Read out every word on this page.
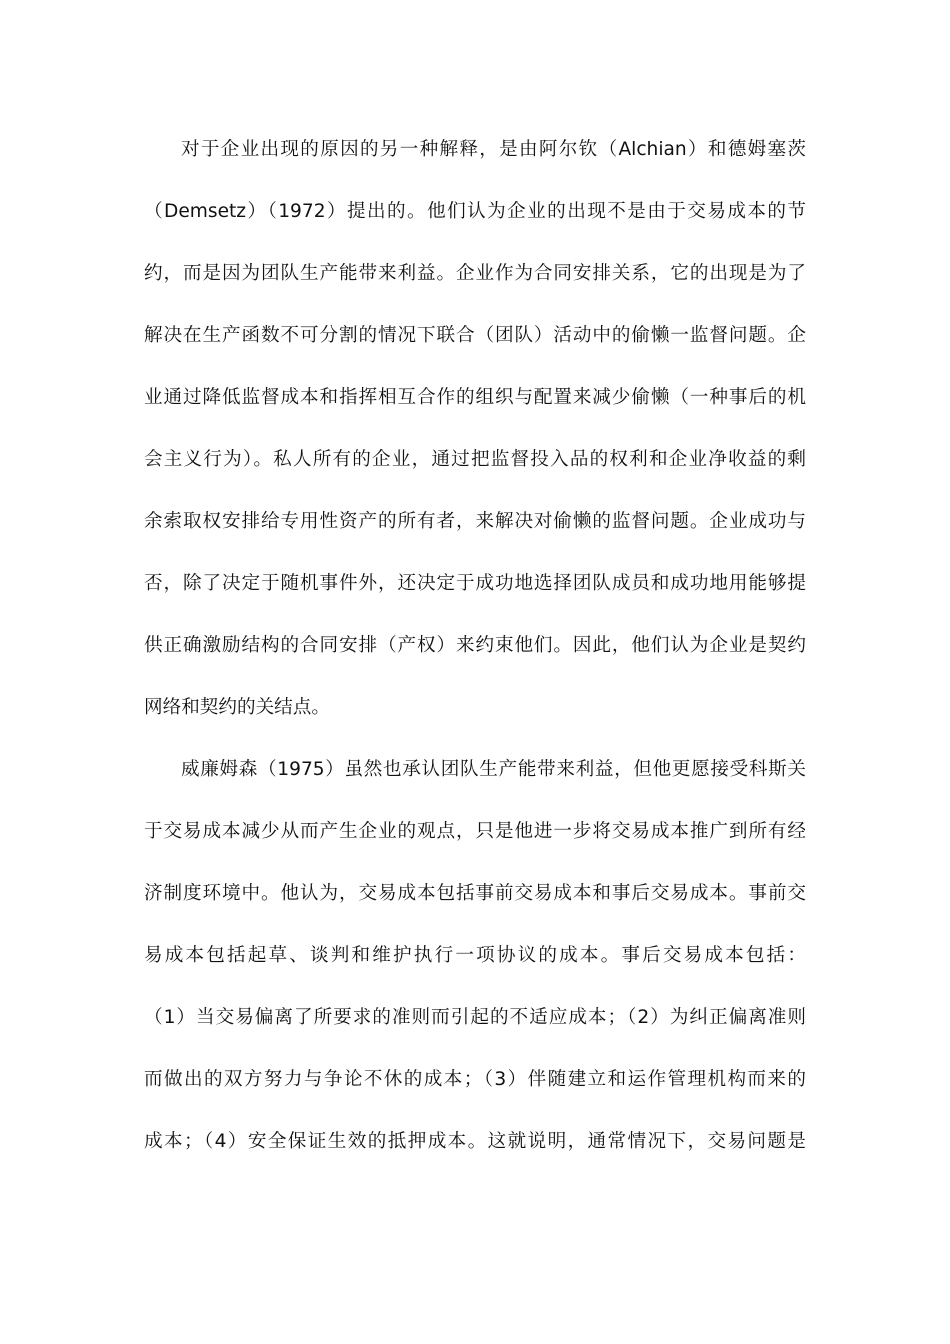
对于企业出现的原因的另一种解释，是由阿尔钦（Alchian）和德姆塞茨
（Demsetz）（1972）提出的。他们认为企业的出现不是由于交易成本的节
约，而是因为团队生产能带来利益。企业作为合同安排关系，它的出现是为了
解决在生产函数不可分割的情况下联合（团队）活动中的偷懒一监督问题。企
业通过降低监督成本和指挥相互合作的组织与配置来减少偷懒（一种事后的机
会主义行为）。私人所有的企业，通过把监督投入品的权利和企业净收益的剩
余索取权安排给专用性资产的所有者，来解决对偷懒的监督问题。企业成功与
否，除了决定于随机事件外，还决定于成功地选择团队成员和成功地用能够提
供正确激励结构的合同安排（产权）来约束他们。因此，他们认为企业是契约
网络和契约的关结点。
威廉姆森（1975）虽然也承认团队生产能带来利益，但他更愿接受科斯关
于交易成本减少从而产生企业的观点，只是他进一步将交易成本推广到所有经
济制度环境中。他认为，交易成本包括事前交易成本和事后交易成本。事前交
易成本包括起草、谈判和维护执行一项协议的成本。事后交易成本包括：
（1）当交易偏离了所要求的准则而引起的不适应成本；（2）为纠正偏离准则
而做出的双方努力与争论不休的成本；（3）伴随建立和运作管理机构而来的
成本；（4）安全保证生效的抵押成本。这就说明，通常情况下，交易问题是
